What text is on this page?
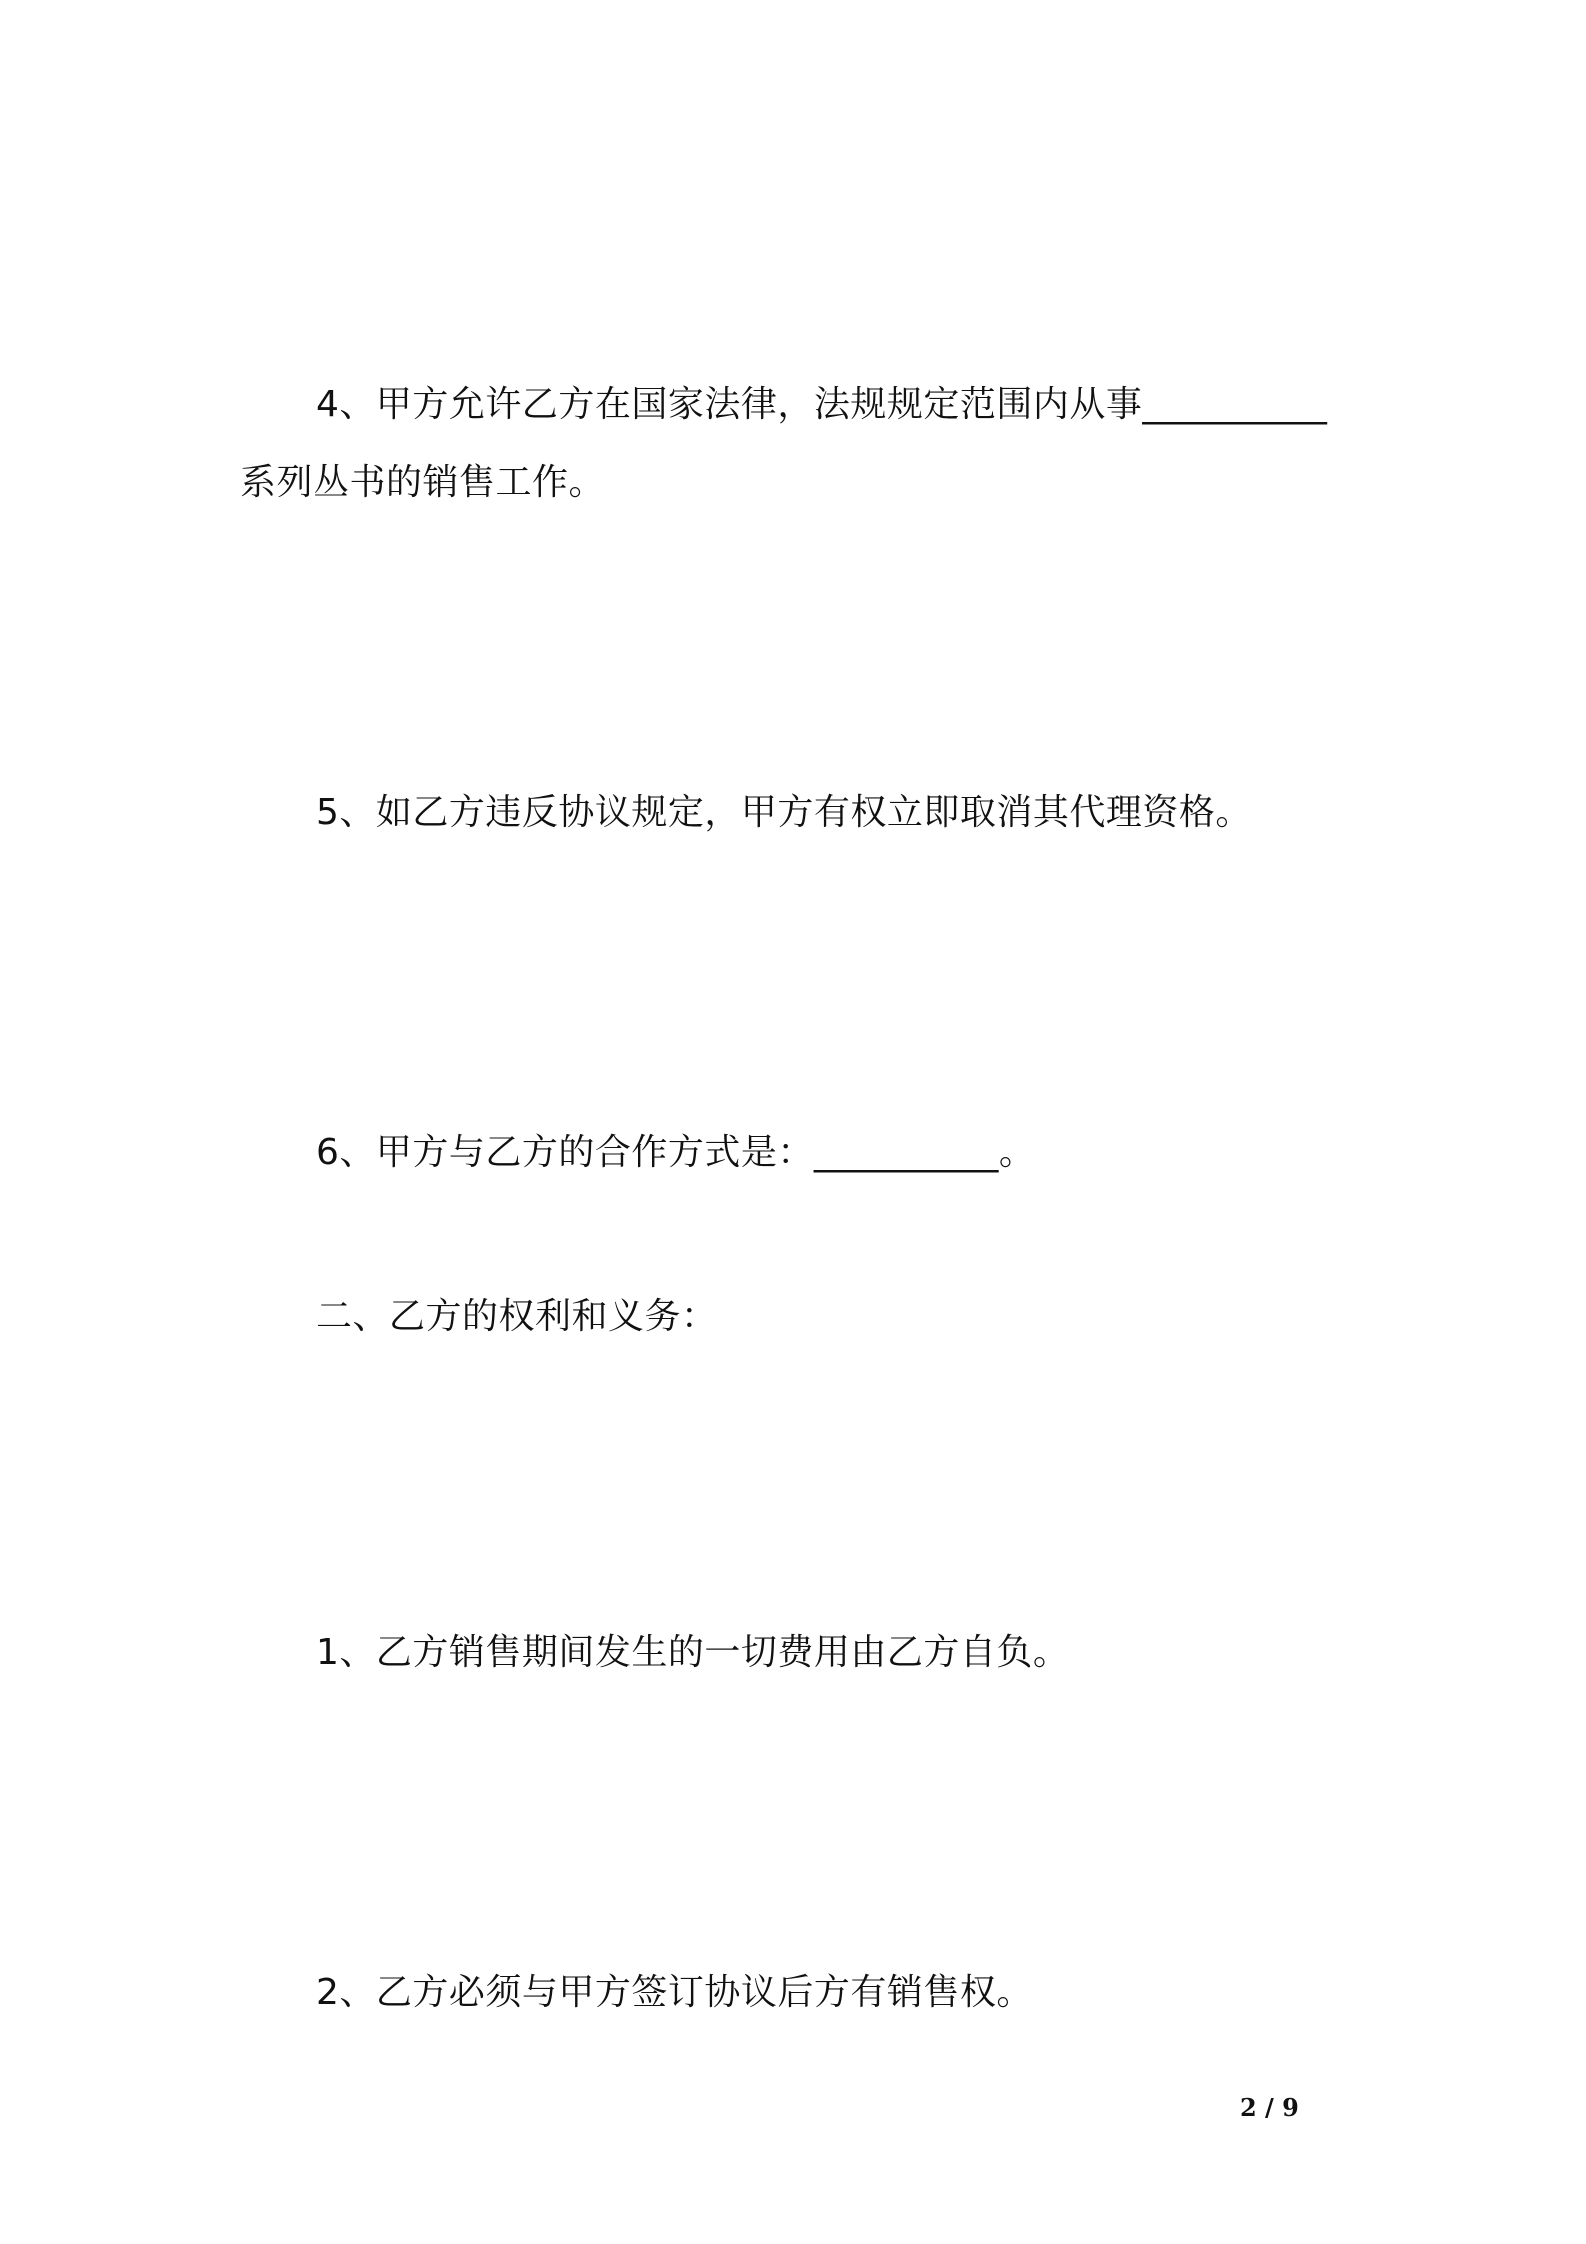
4、甲方允许乙方在国家法律，法规规定范围内从事__________系列丛书的销售工作。

5、如乙方违反协议规定，甲方有权立即取消其代理资格。

6、甲方与乙方的合作方式是：__________。

二、乙方的权利和义务：

1、乙方销售期间发生的一切费用由乙方自负。

2、乙方必须与甲方签订协议后方有销售权。

2 / 9
